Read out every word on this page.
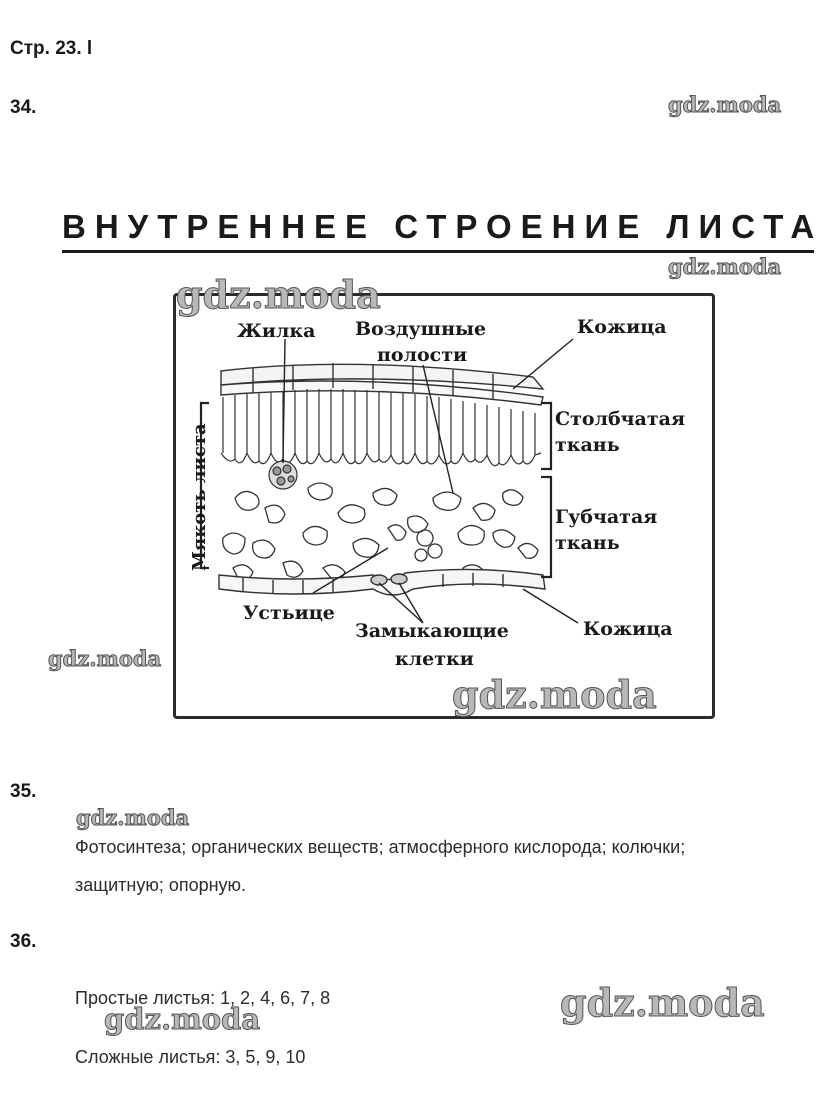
Стр. 23. l
34.	gdz.moda
ВНУТРЕННЕЕ СТРОЕНИЕ ЛИСТА
gdz.moda
Жилка Воздушные
полости
Кожица
Столбчатая
ткань
Губчатая
ткань
Мякоть листа
Устьице
Замыкающие
клетки
Кожица
gdz.moda
gdz.moda
gdz.moda
35.
gdz.moda
Фотосинтеза; органических веществ; атмосферного кислорода; колючки;
защитную; опорную.
36.
Простые листья: 1, 2, 4, 6, 7, 8	gdz.moda
gdz.moda
Сложные листья: 3, 5, 9, 10
